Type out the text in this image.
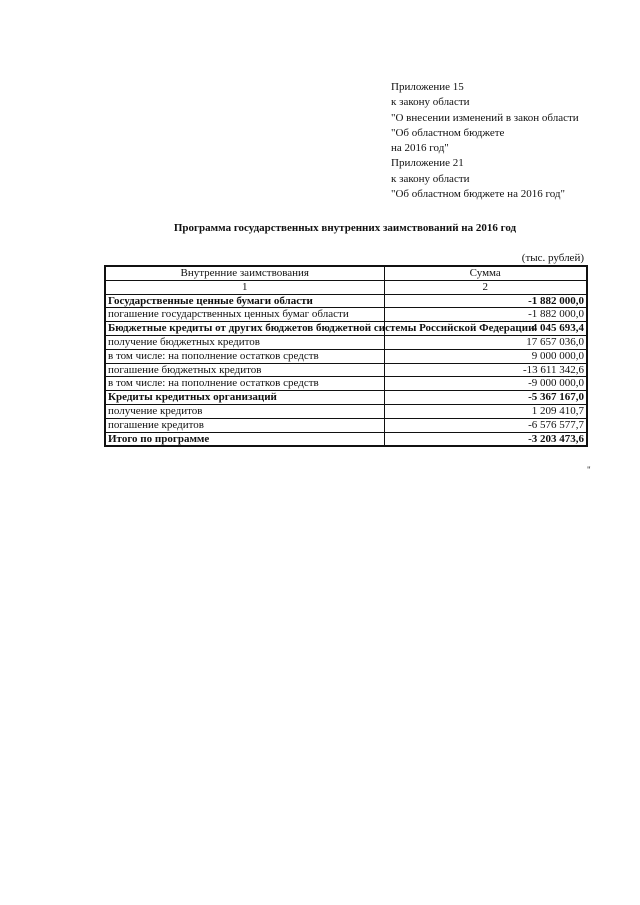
Приложение 15
к закону области
"О внесении изменений в закон области
"Об областном бюджете
на 2016 год"
Приложение 21
к закону области
"Об областном бюджете на 2016 год"
Программа государственных внутренних заимствований на 2016 год
(тыс. рублей)
Внутренние заимствования	Сумма
1	2
Государственные ценные бумаги области	-1 882 000,0
погашение государственных ценных бумаг области	-1 882 000,0
Бюджетные кредиты от других бюджетов бюджетной системы Российской Федерации	4 045 693,4
получение бюджетных кредитов	17 657 036,0
в том числе: на пополнение остатков средств	9 000 000,0
погашение бюджетных кредитов	-13 611 342,6
в том числе: на пополнение остатков средств	-9 000 000,0
Кредиты кредитных организаций	-5 367 167,0
получение кредитов	1 209 410,7
погашение кредитов	-6 576 577,7
Итого по программе	-3 203 473,6
"
